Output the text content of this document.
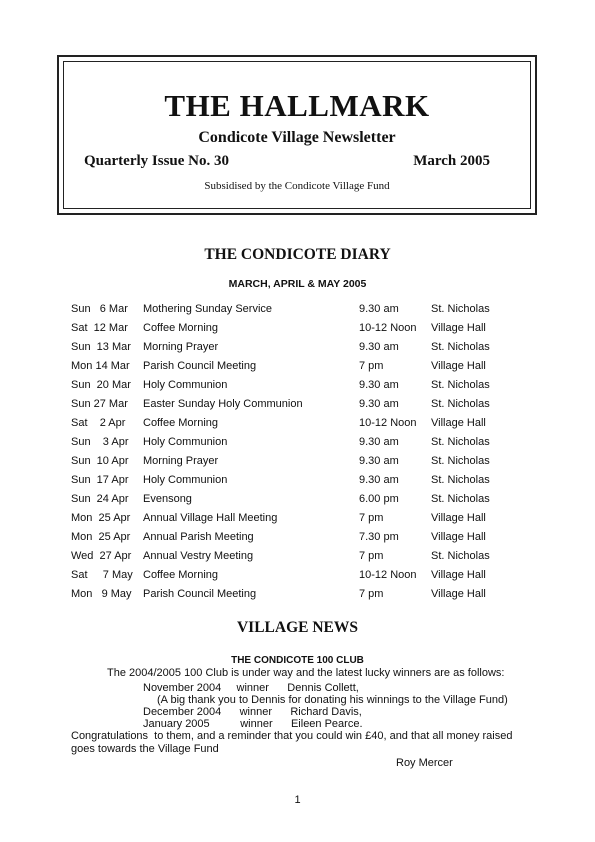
THE HALLMARK
Condicote Village Newsletter
Quarterly Issue No. 30	March 2005
Subsidised by the Condicote Village Fund
THE CONDICOTE DIARY
MARCH, APRIL & MAY 2005
Sun   6 Mar Mothering Sunday Service	9.30 am	St. Nicholas
Sat  12 Mar Coffee Morning	10-12 Noon Village Hall
Sun  13 Mar Morning Prayer	9.30 am	St. Nicholas
Mon 14 Mar Parish Council Meeting	7 pm	Village Hall
Sun  20 Mar Holy Communion	9.30 am	St. Nicholas
Sun 27 Mar Easter Sunday Holy Communion	9.30 am	St. Nicholas
Sat    2 Apr Coffee Morning	10-12 Noon Village Hall
Sun    3 Apr Holy Communion	9.30 am	St. Nicholas
Sun  10 Apr Morning Prayer	9.30 am	St. Nicholas
Sun  17 Apr Holy Communion	9.30 am	St. Nicholas
Sun  24 Apr Evensong	6.00 pm	St. Nicholas
Mon  25 Apr Annual Village Hall Meeting	7 pm	Village Hall
Mon  25 Apr Annual Parish Meeting	7.30 pm	Village Hall
Wed  27 Apr Annual Vestry Meeting	7 pm	St. Nicholas
Sat     7 May Coffee Morning	10-12 Noon Village Hall
Mon   9 May Parish Council Meeting	7 pm	Village Hall
VILLAGE NEWS
THE CONDICOTE 100 CLUB
The 2004/2005 100 Club is under way and the latest lucky winners are as follows:
November 2004     winner      Dennis Collett,
(A big thank you to Dennis for donating his winnings to the Village Fund)
December 2004      winner      Richard Davis,
January 2005          winner      Eileen Pearce.
Congratulations  to them, and a reminder that you could win £40, and that all money raised
goes towards the Village Fund
Roy Mercer
1
